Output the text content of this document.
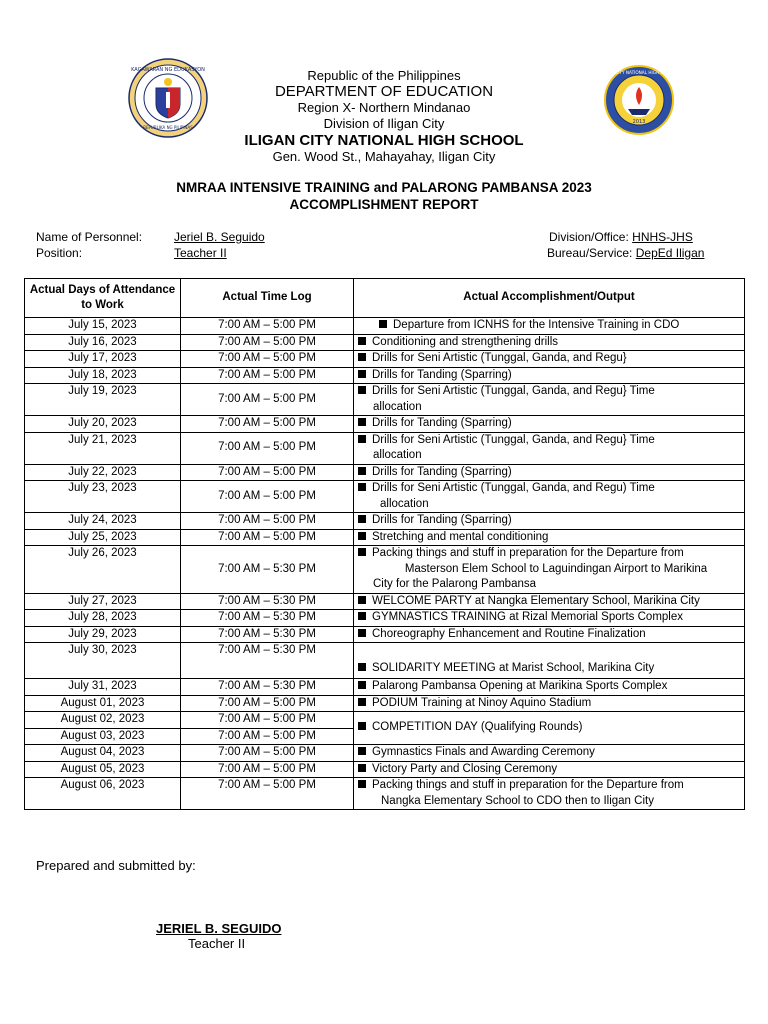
KAGAWARAN NG EDUKASYON
REPUBLIKA NG PILIPINAS
ILIGAN CITY NATIONAL HIGH SCHOOL
2013
Republic of the Philippines
DEPARTMENT OF EDUCATION
Region X- Northern Mindanao
Division of Iligan City
ILIGAN CITY NATIONAL HIGH SCHOOL
Gen. Wood St., Mahayahay, Iligan City
NMRAA INTENSIVE TRAINING and PALARONG PAMBANSA 2023
ACCOMPLISHMENT REPORT
Name of Personnel:	Jeriel B. Seguido
Position:	Teacher II
Division/Office: HNHS-JHS
Bureau/Service: DepEd Iligan
Actual Days of Attendance to Work	Actual Time Log	Actual Accomplishment/Output
July 15, 2023	7:00 AM – 5:00 PM	Departure from ICNHS for the Intensive Training in CDO
July 16, 2023	7:00 AM – 5:00 PM	Conditioning and strengthening drills
July 17, 2023	7:00 AM – 5:00 PM	Drills for Seni Artistic (Tunggal, Ganda, and Regu}
July 18, 2023	7:00 AM – 5:00 PM	Drills for Tanding (Sparring)
July 19, 2023	7:00 AM – 5:00 PM	Drills for Seni Artistic (Tunggal, Ganda, and Regu} Time
allocation

July 20, 2023	7:00 AM – 5:00 PM	Drills for Tanding (Sparring)
July 21, 2023	7:00 AM – 5:00 PM	Drills for Seni Artistic (Tunggal, Ganda, and Regu} Time
allocation

July 22, 2023	7:00 AM – 5:00 PM	Drills for Tanding (Sparring)
July 23, 2023	7:00 AM – 5:00 PM	Drills for Seni Artistic (Tunggal, Ganda, and Regu) Time
allocation

July 24, 2023	7:00 AM – 5:00 PM	Drills for Tanding (Sparring)
July 25, 2023	7:00 AM – 5:00 PM	Stretching and mental conditioning
July 26, 2023	7:00 AM – 5:30 PM	Packing things and stuff in preparation for the Departure from
Masterson Elem School to Laguindingan Airport to Marikina
City for the Palarong Pambansa

July 27, 2023	7:00 AM – 5:30 PM	WELCOME PARTY at Nangka Elementary School, Marikina City
July 28, 2023	7:00 AM – 5:30 PM	GYMNASTICS TRAINING at Rizal Memorial Sports Complex
July 29, 2023	7:00 AM – 5:30 PM	Choreography Enhancement and Routine Finalization
July 30, 2023	7:00 AM – 5:30 PM	SOLIDARITY MEETING at Marist School, Marikina City
July 31, 2023	7:00 AM – 5:30 PM	Palarong Pambansa Opening at Marikina Sports Complex
August 01, 2023	7:00 AM – 5:00 PM	PODIUM Training at Ninoy Aquino Stadium
August 02, 2023	7:00 AM – 5:00 PM	COMPETITION DAY (Qualifying Rounds)
August 03, 2023	7:00 AM – 5:00 PM	
August 04, 2023	7:00 AM – 5:00 PM	Gymnastics Finals and Awarding Ceremony
August 05, 2023	7:00 AM – 5:00 PM	Victory Party and Closing Ceremony
August 06, 2023	7:00 AM – 5:00 PM	Packing things and stuff in preparation for the Departure from
Nangka Elementary School to CDO then to Iligan City
Prepared and submitted by:
JERIEL B. SEGUIDO
Teacher II
